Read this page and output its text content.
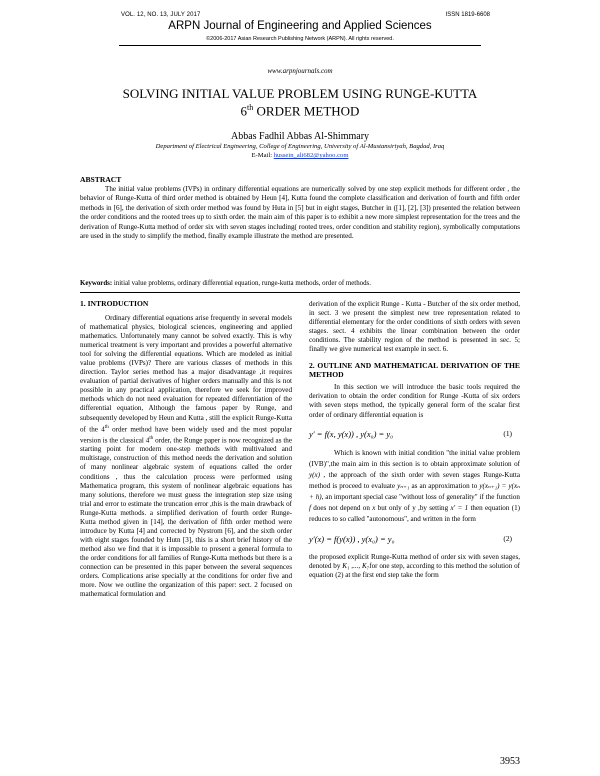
VOL. 12, NO. 13, JULY 2017	ISSN 1819-6608
ARPN Journal of Engineering and Applied Sciences
©2006-2017 Asian Research Publishing Network (ARPN). All rights reserved.
www.arpnjournals.com
SOLVING INITIAL VALUE PROBLEM USING RUNGE-KUTTA
6th ORDER METHOD
Abbas Fadhil Abbas Al-Shimmary
Department of Electrical Engineering, College of Engineering, University of Al-Mustansiriyah, Bagdad, Iraq
E-Mail: hussein_ali682@yahoo.com
ABSTRACT
The initial value problems (IVPs) in ordinary differential equations are numerically solved by one step explicit methods for different order , the behavior of Runge-Kutta of third order method is obtained by Heun [4], Kutta found the complete classification and derivation of fourth and fifth order methods in [6], the derivation of sixth order method was found by Huta in [5] but in eight stages, Butcher in ([1], [2], [3]) presented the relation between the order conditions and the rooted trees up to sixth order. the main aim of this paper is to exhibit a new more simplest representation for the trees and the derivation of Runge-Kutta method of order six with seven stages including( rooted trees, order condition and stability region), symbolically computations are used in the study to simplify the method, finally example illustrate the method are presented.
Keywords: initial value problems, ordinary differential equation, runge-kutta methods, order of methods.
1. INTRODUCTION

Ordinary differential equations arise frequently in several models of mathematical physics, biological sciences, engineering and applied mathematics. Unfortunately many cannot be solved exactly. This is why numerical treatment is very important and provides a powerful alternative tool for solving the differential equations. Which are modeled as initial value problems (IVPs)? There are various classes of methods in this direction. Taylor series method has a major disadvantage ,it requires evaluation of partial derivatives of higher orders manually and this is not possible in any practical application, therefore we seek for improved methods which do not need evaluation for repeated differentiation of the differential equation, Although the famous paper by Runge, and subsequently developed by Heun and Kutta , still the explicit Runge-Kutta of the 4th order method have been widely used and the most popular version is the classical 4th order, the Runge paper is now recognized as the starting point for modern one-step methods with multivalued and multistage, construction of this method needs the derivation and solution of many nonlinear algebraic system of equations called the order conditions , thus the calculation process were performed using Mathematica program, this system of nonlinear algebraic equations has many solutions, therefore we must guess the integration step size using trial and error to estimate the truncation error ,this is the main drawback of Runge-Kutta methods. a simplified derivation of fourth order Runge-Kutta method given in [14], the derivation of fifth order method were introduce by Kutta [4] and corrected by Nystrom [6], and the sixth order with eight stages founded by Hutn [3], this is a short brief history of the method also we find that it is impossible to present a general formula to the order conditions for all families of Runge-Kutta methods but there is a connection can be presented in this paper between the several sequences orders. Complications arise specially at the conditions for order five and more. Now we outline the organization of this paper: sect. 2 focused on mathematical formulation and

derivation of the explicit Runge - Kutta - Butcher of the six order method, in sect. 3 we present the simplest new tree representation related to differential elementary for the order conditions of sixth orders with seven stages. sect. 4 exhibits the linear combination between the order conditions. The stability region of the method is presented in sec. 5; finally we give numerical test example in sect. 6.

2. OUTLINE AND MATHEMATICAL DERIVATION OF THE METHOD

In this section we will introduce the basic tools required the derivation to obtain the order condition for Runge -Kutta of six orders with seven steps method, the typically general form of the scalar first order of ordinary differential equation is

y′ = f(x, y(x)) , y(x₀) = y₀	(1)

Which is known with initial condition "the initial value problem (IVB)",the main aim in this section is to obtain approximate solution of y(x) , the approach of the sixth order with seven stages Runge-Kutta method is proceed to evaluate yₙ₊₁ as an approximation to y(xₙ₊₁) = y(xₙ + h), an important special case "without loss of generality" if the function f does not depend on x but only of y ,by setting x′ = 1 then equation (1) reduces to so called "autonomous", and written in the form

y′(x) = f(y(x)) , y(x₀) = y₀	(2)

the proposed explicit Runge-Kutta method of order six with seven stages, denoted by K₁ ,..., K₇for one step, according to this method the solution of equation (2) at the first end step take the form

3953
